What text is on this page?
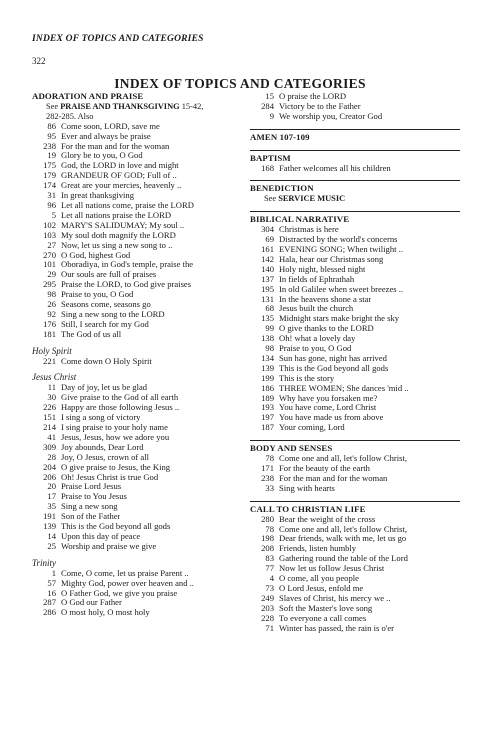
INDEX OF TOPICS AND CATEGORIES
322
INDEX OF TOPICS AND CATEGORIES
ADORATION AND PRAISE
See PRAISE AND THANKSGIVING 15-42,
282-285. Also
86 Come soon, LORD, save me
95 Ever and always be praise
238 For the man and for the woman
19 Glory be to you, O God
175 God, the LORD in love and might
179 GRANDEUR OF GOD; Full of ..
174 Great are your mercies, heavenly ..
31 In great thanksgiving
96 Let all nations come, praise the LORD
5 Let all nations praise the LORD
102 MARY'S SALIDUMAY; My soul ..
103 My soul doth magnify the LORD
27 Now, let us sing a new song to ..
270 O God, highest God
101 Oboradiya, in God's temple, praise the
29 Our souls are full of praises
295 Praise the LORD, to God give praises
98 Praise to you, O God
26 Seasons come, seasons go
92 Sing a new song to the LORD
176 Still, I search for my God
181 The God of us all
Holy Spirit
221 Come down O Holy Spirit
Jesus Christ
11 Day of joy, let us be glad
30 Give praise to the God of all earth
226 Happy are those following Jesus ..
151 I sing a song of victory
214 I sing praise to your holy name
41 Jesus, Jesus, how we adore you
309 Joy abounds, Dear Lord
28 Joy, O Jesus, crown of all
204 O give praise to Jesus, the King
206 Oh! Jesus Christ is true God
20 Praise Lord Jesus
17 Praise to You Jesus
35 Sing a new song
191 Son of the Father
139 This is the God beyond all gods
14 Upon this day of peace
25 Worship and praise we give
Trinity
1 Come, O come, let us praise Parent ..
57 Mighty God, power over heaven and ..
16 O Father God, we give you praise
287 O God our Father
286 O most holy, O most holy
15 O praise the LORD
284 Victory be to the Father
9 We worship you, Creator God
AMEN 107-109
BAPTISM
168 Father welcomes all his children
BENEDICTION
See SERVICE MUSIC
BIBLICAL NARRATIVE
304 Christmas is here
69 Distracted by the world's concerns
161 EVENING SONG; When twilight ..
142 Hala, hear our Christmas song
140 Holy night, blessed night
137 In fields of Ephrathah
195 In old Galilee when sweet breezes ..
131 In the heavens shone a star
68 Jesus built the church
135 Midnight stars make bright the sky
99 O give thanks to the LORD
138 Oh! what a lovely day
98 Praise to you, O God
134 Sun has gone, night has arrived
139 This is the God beyond all gods
199 This is the story
186 THREE WOMEN; She dances 'mid ..
189 Why have you forsaken me?
193 You have come, Lord Christ
197 You have made us from above
187 Your coming, Lord
BODY AND SENSES
78 Come one and all, let's follow Christ,
171 For the beauty of the earth
238 For the man and for the woman
33 Sing with hearts
CALL TO CHRISTIAN LIFE
280 Bear the weight of the cross
78 Come one and all, let's follow Christ,
198 Dear friends, walk with me, let us go
208 Friends, listen humbly
83 Gathering round the table of the Lord
77 Now let us follow Jesus Christ
4 O come, all you people
73 O Lord Jesus, enfold me
249 Slaves of Christ, his mercy we ..
203 Soft the Master's love song
228 To everyone a call comes
71 Winter has passed, the rain is o'er
